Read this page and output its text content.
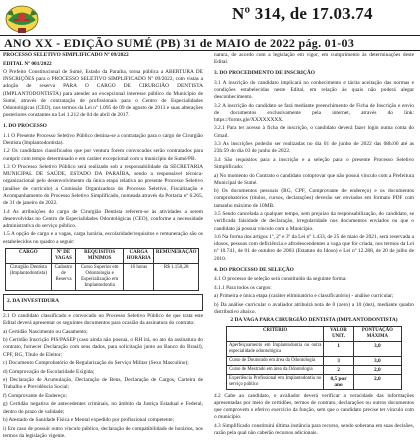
Nº 314, de 17.03.74
ANO XX - EDIÇÃO SUMÉ (PB) 31 de MAIO de 2022 pág. 01-03

PROCESSO SELETIVO SIMPLIFICADO Nº 09/2022

EDITAL Nº 001/2022

O Prefeito Constitucional de Sumé, Estado da Paraíba, torna pública a ABERTURA DE INSCRIÇÕES para o PROCESSO SELETIVO SIMPLIFICADO Nº 09/2022, com vistas a adoção de reserva PARA O CARGO DE CIRURGIÃO DENTISTA (IMPLANTODONTISTA) para atender ao excepcional interesse público do Município de Sumé, através de contratação de profissionais para o Centro de Especialidades Odontológicas (CEO), nos termos da Lei nº 1.095 de 09 de agosto de 2013 e suas alterações posteriores constantes na Lei 1.212 de 04 de abril de 2017.

1. DO PROCESSO

1.1 O Presente Processo Seletivo Público destina-se a contratação para o cargo de Cirurgião Dentista (Implantodontista).

1.2 Os candidatos classificados que por ventura forem convocados serão contratados para cumprir com tempo determinado e em caráter excepcional com o município de Sumé/PB.

1.3 O Processo Seletivo Público será realizado sob a responsabilidade da SECRETARIA MUNICIPAL DE SAÚDE, ESTADO DA PARAÍBA, sendo a responsável técnica-organizacional pelo desenvolvimento da única etapa relativa ao presente Processo Seletivo (análise de currículo) a Comissão Organizadora do Processo Seletivo, Fiscalização e Acompanhamento do Processo Seletivo Simplificado, nomeada através da Portaria nº 6.265, de 31 de janeiro de 2022.

1.4 As atribuições do cargo de Cirurgião Dentista referem-se às atividades a serem desenvolvidas no Centro de Especialidades Odontológicas (CEO), conforme a necessidade administrativa do serviço público.

1.5 A opção de cargo e a vagas, carga horária, escolaridade/requisitos e remuneração são os estabelecidos no quadro a seguir:

CARGO	Nº DE VAGAS	REQUISITOS MÍNIMOS	CARGA HORÁRIA	REMUNERAÇÃO
Cirurgião Dentista (Implantodontista)	Cadastro de Reserva	Curso Superior em Odontologia e Especialização em Implantodontia	16 horas	R$ 1.150,28

2. DA INVESTIDURA

2.1 O candidato classificado e convocado no Processo Seletivo Público de que trata este Edital deverá apresentar os seguintes documentos para ocasião da assinatura do contrato:

a) Certidão Nascimento ou Casamento;

b) Certidão Inscrição PIS/PASEP (caso ainda não possua, o RH irá, no ato da assinatura do contrato, fornecer Declaração com seus dados, para solicitação junto ao Banco do Brasil), CPF, RG, Título de Eleitor;

c) Documento Comprobatório de Regularização do Serviço Militar (Sexo Masculino);

d) Comprovação de Escolaridade Exigida;

e) Declaração de Acumulação, Declaração de Bens, Declaração de Cargos, Carteira de Trabalho e Previdência Social;

f) Comprovante de Endereço;

g) Certidão negativa de antecedentes criminais, no âmbito da Justiça Estadual e Federal, dentro do prazo de validade;

h) Atestado de Sanidade Física e Mental expedido por profissional competente;

i) Em caso de possuir outro vínculo público, declaração de compatibilidade de horários, nos termos da legislação vigente.

natura, de acordo com a legislação em vigor, em cumprimento às determinações deste Edital.

3. DO PROCEDIMENTO DE INSCRIÇÃO

3.1 A inscrição do candidato implicará no conhecimento e tácita aceitação das normas e condições estabelecidas neste Edital, em relação às quais não poderá alegar desconhecimento.

3.2 A inscrição do candidato se fará mediante preenchimento de Ficha de Inscrição e envio de documentos exclusivamente pela internet, através do link: https://forms.gle/XXXXXXXX.

3.2.1 Para ter acesso à ficha de inscrição, o candidato deverá fazer login numa conta do Gmail.

3.3 As inscrições poderão ser realizadas no dia 01 de junho de 2022 das 08h:00 até as 23h:59 do dia 03 de junho de 2022.

3.4 São requisitos para a inscrição e a seleção para o presente Processo Seletivo Simplificado:

a) No momento do Contrato o candidato comprovar que não possui vínculo com a Prefeitura Municipal de Sumé.

b) Os documentos pessoais (RG, CPF, Comprovante de endereço) e os documentos comprobatórios (títulos, cursos, declarações) deverão ser enviados em formato PDF com tamanho máximo de 10MB.

3.5 Sendo cancelada a qualquer tempo, sem prejuízo da responsabilização, do candidato, se verificada falsidade de declaração, irregularidade nos documentos enviados ou que o candidato já possua vínculo com o Município.

3.6 Na forma dos artigos 1º, 2º e 3º da Lei nº 1.433, de 25 de maio de 2021, será reservada a idosos, pessoas com deficiência e afrodescendentes a vaga que for criada, nos termos da Lei nº 10.741, de 01 de outubro de 2003 (Estatuto do Idoso) e Lei nº 12.288, de 20 de julho de 2010.

4. DO PROCESSO DE SELEÇÃO

4.1 O processo de seleção será constituído da seguinte forma:

4.1.1 Para todos os cargos:

a) Primeira e única etapa (caráter eliminatório e classificatório) - análise curricular;

b) Da análise curricular o avaliador atribuirá nota de 0 (zero) a 10 (dez), mediante quadro distributivo abaixo.

2 DA VAGA PARA CIRURGIÃO DENTISTA (IMPLANTODONTISTA)

CRITÉRIO	VALOR UNIT.	PONTUAÇÃO MÁXIMA
Aperfeiçoamento em Implantodontia ou outra especialidade odontológica	1	3,0
Curso de Doutorado em área da Odontologia	3	3,0
Curso de Mestrado em área da Odontologia	2	2,0
Experiência Profissional em Implantodontia no serviço público	0,5 por ano	2,0

4.2 Cabe ao candidato, o avaliador deverá verificar a veracidade das informações apresentadas por meio de certidões, termos de contrato, declarações ou outros documentos que comprovem o efetivo exercício da função, sem que o candidato precise ter vínculo com o município.

4.3 Simplificado constituirá última instância para recurso, sendo soberana em suas decisões, razão pela qual não caberão recursos adicionais.
